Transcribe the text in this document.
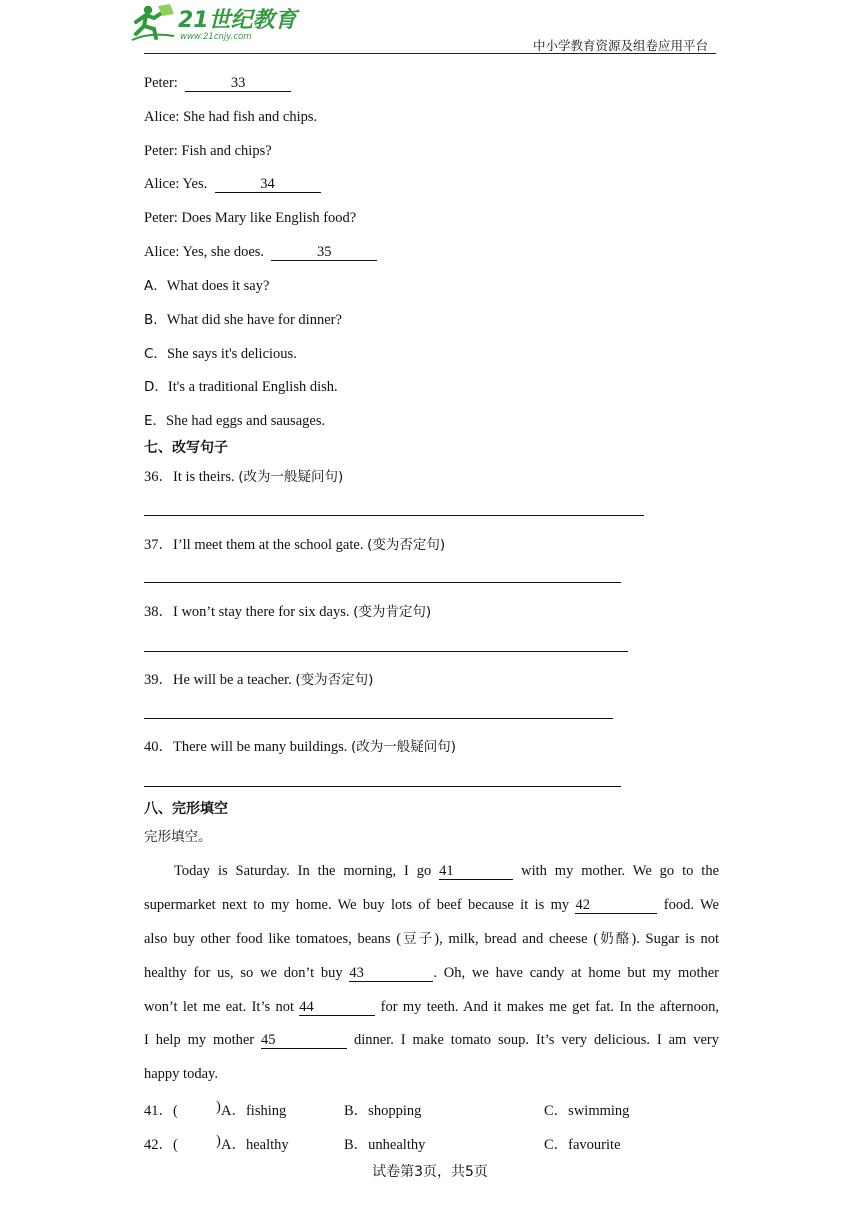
21世纪教育
www.21cnjy.com
中小学教育资源及组卷应用平台
Peter:	33
Alice: She had fish and chips.
Peter: Fish and chips?
Alice: Yes.	34
Peter: Does Mary like English food?
Alice: Yes, she does.	35
A．What does it say?
B．What did she have for dinner?
C．She says it's delicious.
D．It's a traditional English dish.
E．She had eggs and sausages.
七、改写句子
36．It is theirs. (改为一般疑问句)
37．I’ll meet them at the school gate. (变为否定句)
38．I won’t stay there for six days. (变为肯定句)
39．He will be a teacher. (变为否定句)
40．There will be many buildings. (改为一般疑问句)
八、完形填空
完形填空。
Today is Saturday. In the morning, I go 41	with my mother. We go to the
supermarket next to my home. We buy lots of beef because it is my 42	food. We
also buy other food like tomatoes, beans (豆子), milk, bread and cheese (奶酪). Sugar is not
healthy for us, so we don’t buy 43	. Oh, we have candy at home but my mother
won’t let me eat. It’s not 44	for my teeth. And it makes me get fat. In the afternoon,
I help my mother 45	dinner. I make tomato soup. It’s very delicious. I am very
happy today.
41．(	) A．fishing	B．shopping	C．swimming
42．(	) A．healthy	B．unhealthy	C．favourite
试卷第3页，共5页
